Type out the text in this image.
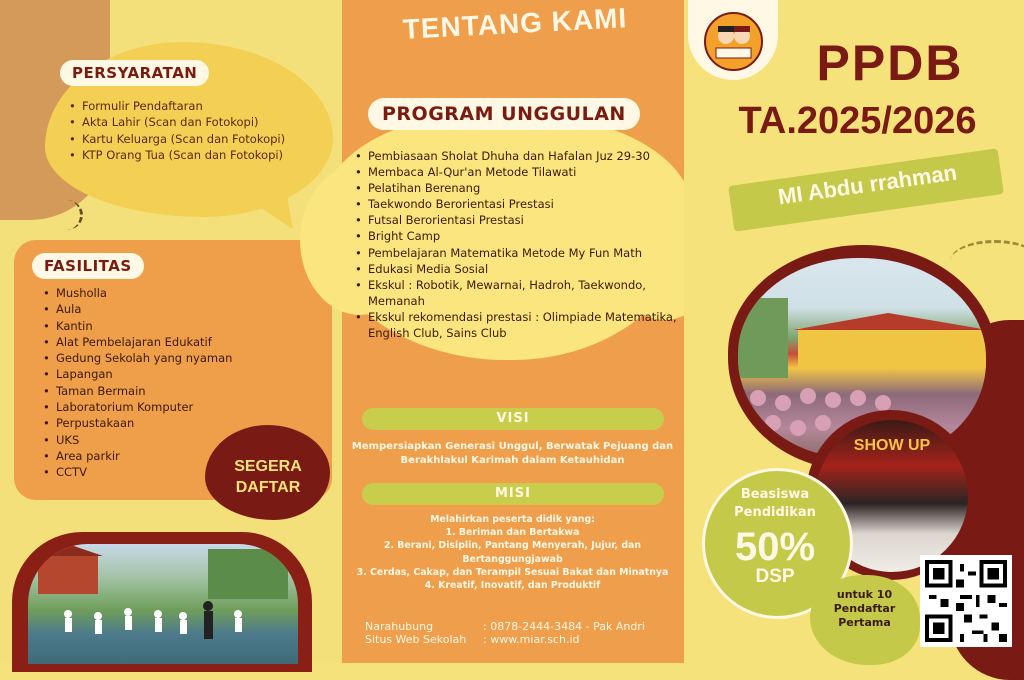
PERSYARATAN
• Formulir Pendaftaran
• Akta Lahir (Scan dan Fotokopi)
• Kartu Keluarga (Scan dan Fotokopi)
• KTP Orang Tua (Scan dan Fotokopi)
FASILITAS
• Musholla
• Aula
• Kantin
• Alat Pembelajaran Edukatif
• Gedung Sekolah yang nyaman
• Lapangan
• Taman Bermain
• Laboratorium Komputer
• Perpustakaan
• UKS
• Area parkir
• CCTV	SEGERA
DAFTAR
TENTANG KAMI
PROGRAM UNGGULAN
• Pembiasaan Sholat Dhuha dan Hafalan Juz 29-30
• Membaca Al-Qur'an Metode Tilawati
• Pelatihan Berenang
• Taekwondo Berorientasi Prestasi
• Futsal Berorientasi Prestasi
• Bright Camp
• Pembelajaran Matematika Metode My Fun Math
• Edukasi Media Sosial
• Ekskul : Robotik, Mewarnai, Hadroh, Taekwondo, Memanah
• Ekskul rekomendasi prestasi : Olimpiade Matematika, English Club, Sains Club
VISI
Mempersiapkan Generasi Unggul, Berwatak Pejuang dan Berakhlakul Karimah dalam Ketauhidan
MISI
Melahirkan peserta didik yang:
1. Beriman dan Bertakwa
2. Berani, Disiplin, Pantang Menyerah, Jujur, dan Bertanggungjawab
3. Cerdas, Cakap, dan Terampil Sesuai Bakat dan Minatnya
4. Kreatif, Inovatif, dan Produktif
Narahubung	: 0878-2444-3484 - Pak Andri
Situs Web Sekolah	: www.miar.sch.id
PPDB
TA.2025/2026
MI Abdu rrahman
SHOW UP
Beasiswa
Pendidikan
50%
DSP
untuk 10
Pendaftar
Pertama
